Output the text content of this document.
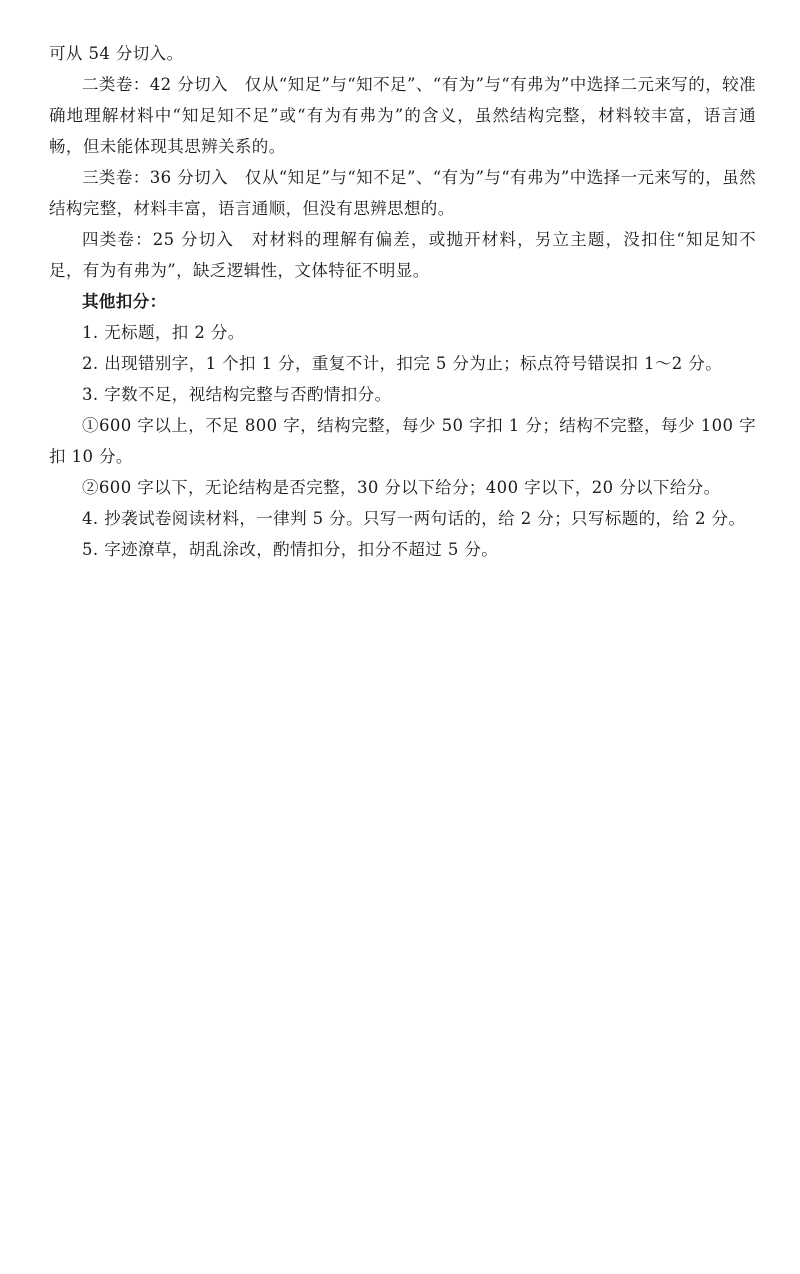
可从 54 分切入。

二类卷：42 分切入　仅从“知足”与“知不足”、“有为”与“有弗为”中选择二元来写的，较准确地理解材料中“知足知不足”或“有为有弗为”的含义，虽然结构完整，材料较丰富，语言通畅，但未能体现其思辨关系的。

三类卷：36 分切入　仅从“知足”与“知不足”、“有为”与“有弗为”中选择一元来写的，虽然结构完整，材料丰富，语言通顺，但没有思辨思想的。

四类卷：25 分切入　对材料的理解有偏差，或抛开材料，另立主题，没扣住“知足知不足，有为有弗为”，缺乏逻辑性，文体特征不明显。

其他扣分：

1. 无标题，扣 2 分。

2. 出现错别字，1 个扣 1 分，重复不计，扣完 5 分为止；标点符号错误扣 1～2 分。

3. 字数不足，视结构完整与否酌情扣分。

①600 字以上，不足 800 字，结构完整，每少 50 字扣 1 分；结构不完整，每少 100 字扣 10 分。

②600 字以下，无论结构是否完整，30 分以下给分；400 字以下，20 分以下给分。

4. 抄袭试卷阅读材料，一律判 5 分。只写一两句话的，给 2 分；只写标题的，给 2 分。

5. 字迹潦草，胡乱涂改，酌情扣分，扣分不超过 5 分。
